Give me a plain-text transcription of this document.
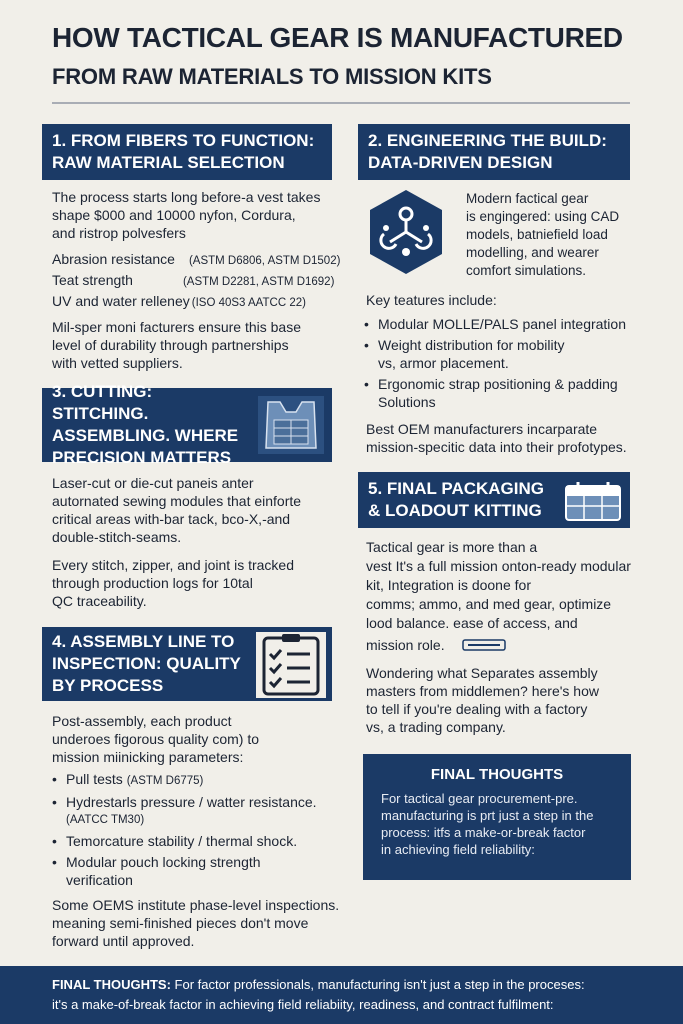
HOW TACTICAL GEAR IS MANUFACTURED
FROM RAW MATERIALS TO MISSION KITS
1. FROM FIBERS TO FUNCTION:
RAW MATERIAL SELECTION
The process starts long before-a vest takes
shape $000 and 10000 nyfon, Cordura,
and ristrop polvesfers
Abrasion resistance (ASTM D6806, ASTM D1502)
Teat strength	(ASTM D2281, ASTM D1692)
UV and water relleney (ISO 40S3 AATCC 22)
Mil-sper moni facturers ensure this base
level of durability through partnerships
with vetted suppliers.
2. ENGINEERING THE BUILD:
DATA-DRIVEN DESIGN
Modern factical gear
is engingered: using CAD
models, batniefield load
modelling, and wearer
comfort simulations.
Key teatures include:
• Modular MOLLE/PALS panel integration
• Weight distribution for mobility
vs, armor placement.
• Ergonomic strap positioning & padding
Solutions
Best OEM manufacturers incarparate
mission-specitic data into their profotypes.
3. CUTTING: STITCHING.
ASSEMBLING. WHERE
PRECISION MATTERS
Laser-cut or die-cut paneis anter
autornated sewing modules that einforte
critical areas with-bar tack, bco-X,-and
double-stitch-seams.
Every stitch, zipper, and joint is tracked
through production logs for 10tal
QC traceability.
4. ASSEMBLY LINE TO
INSPECTION: QUALITY
BY PROCESS
Post-assembly, each product
underoes figorous quality com) to
mission miinicking parameters:
• Pull tests (ASTM D6775)
• Hydrestarls pressure / watter resistance.
(AATCC TM30)
• Temorcature stability / thermal shock.
• Modular pouch locking strength
verification
Some OEMS institute phase-level inspections.
meaning semi-finished pieces don't move
forward until approved.
5. FINAL PACKAGING
& LOADOUT KITTING
Tactical gear is more than a
vest It's a full mission onton-ready modular
kit, Integration is doone for
comms; ammo, and med gear, optimize
lood balance. ease of access, and
mission role.
Wondering what Separates assembly
masters from middlemen? here's how
to tell if you're dealing with a factory
vs, a trading company.
FINAL THOUGHTS
For tactical gear procurement-pre.
manufacturing is prt just a step in the
process: itfs a make-or-break factor
in achieving field reliability:
FINAL THOUGHTS: For factor professionals, manufacturing isn't just a step in the proceses:
it's a make-of-break factor in achieving field reliabiity, readiness, and contract fulfilment:
